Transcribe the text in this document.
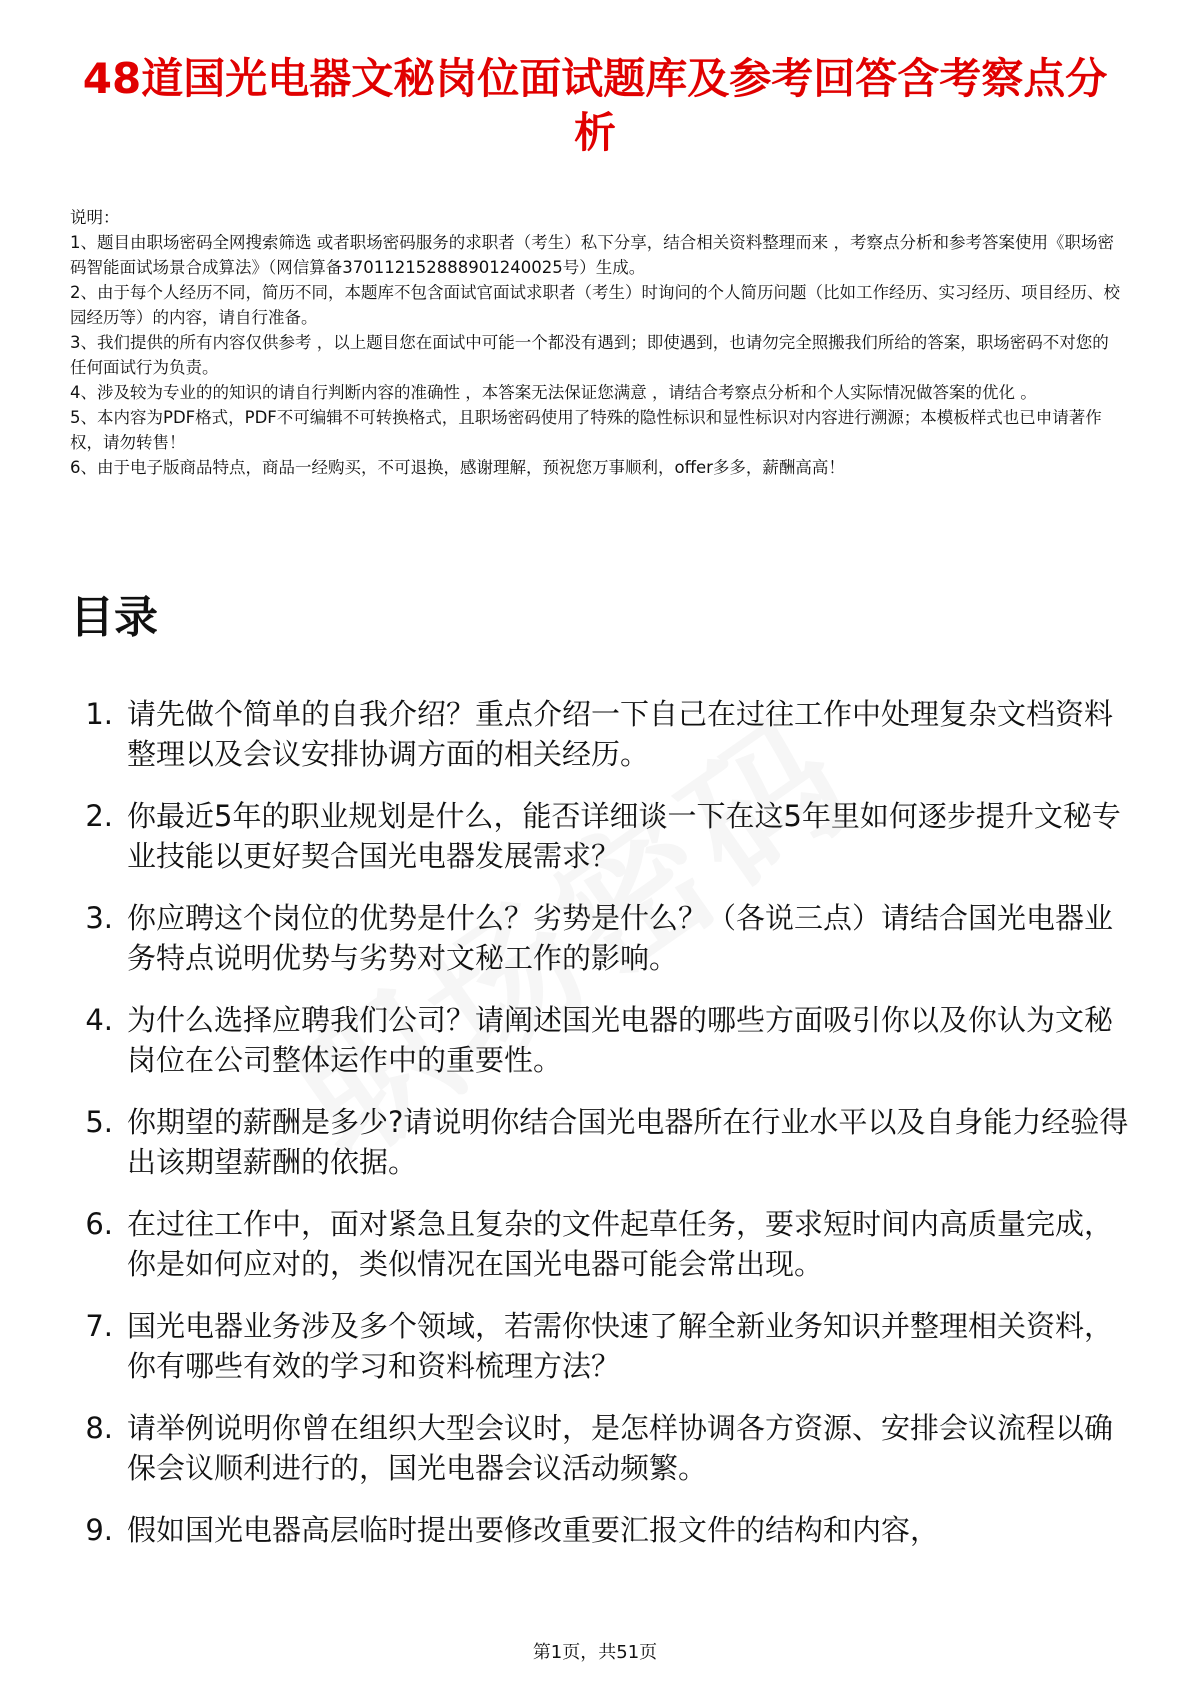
48道国光电器文秘岗位面试题库及参考回答含考察点分析

说明：

1、题目由职场密码全网搜索筛选 或者职场密码服务的求职者（考生）私下分享，结合相关资料整理而来 ，考察点分析和参考答案使用《职场密码智能面试场景合成算法》（网信算备370112152888901240025号）生成。

2、由于每个人经历不同，简历不同，本题库不包含面试官面试求职者（考生）时询问的个人简历问题（比如工作经历、实习经历、项目经历、校园经历等）的内容，请自行准备。

3、我们提供的所有内容仅供参考 ，以上题目您在面试中可能一个都没有遇到；即使遇到，也请勿完全照搬我们所给的答案，职场密码不对您的任何面试行为负责。

4、涉及较为专业的的知识的请自行判断内容的准确性 ，本答案无法保证您满意 ，请结合考察点分析和个人实际情况做答案的优化 。

5、本内容为PDF格式，PDF不可编辑不可转换格式，且职场密码使用了特殊的隐性标识和显性标识对内容进行溯源；本模板样式也已申请著作权，请勿转售！

6、由于电子版商品特点，商品一经购买，不可退换，感谢理解，预祝您万事顺利，offer多多，薪酬高高！

目录
1. 请先做个简单的自我介绍？重点介绍一下自己在过往工作中处理复杂文档资料整理以及会议安排协调方面的相关经历。
2. 你最近5年的职业规划是什么，能否详细谈一下在这5年里如何逐步提升文秘专业技能以更好契合国光电器发展需求？
3. 你应聘这个岗位的优势是什么？劣势是什么？（各说三点）请结合国光电器业务特点说明优势与劣势对文秘工作的影响。
4. 为什么选择应聘我们公司？请阐述国光电器的哪些方面吸引你以及你认为文秘岗位在公司整体运作中的重要性。
5. 你期望的薪酬是多少?请说明你结合国光电器所在行业水平以及自身能力经验得出该期望薪酬的依据。
6. 在过往工作中，面对紧急且复杂的文件起草任务，要求短时间内高质量完成，你是如何应对的，类似情况在国光电器可能会常出现。
7. 国光电器业务涉及多个领域，若需你快速了解全新业务知识并整理相关资料，你有哪些有效的学习和资料梳理方法？
8. 请举例说明你曾在组织大型会议时，是怎样协调各方资源、安排会议流程以确保会议顺利进行的，国光电器会议活动频繁。
9. 假如国光电器高层临时提出要修改重要汇报文件的结构和内容，
第1页，共51页
